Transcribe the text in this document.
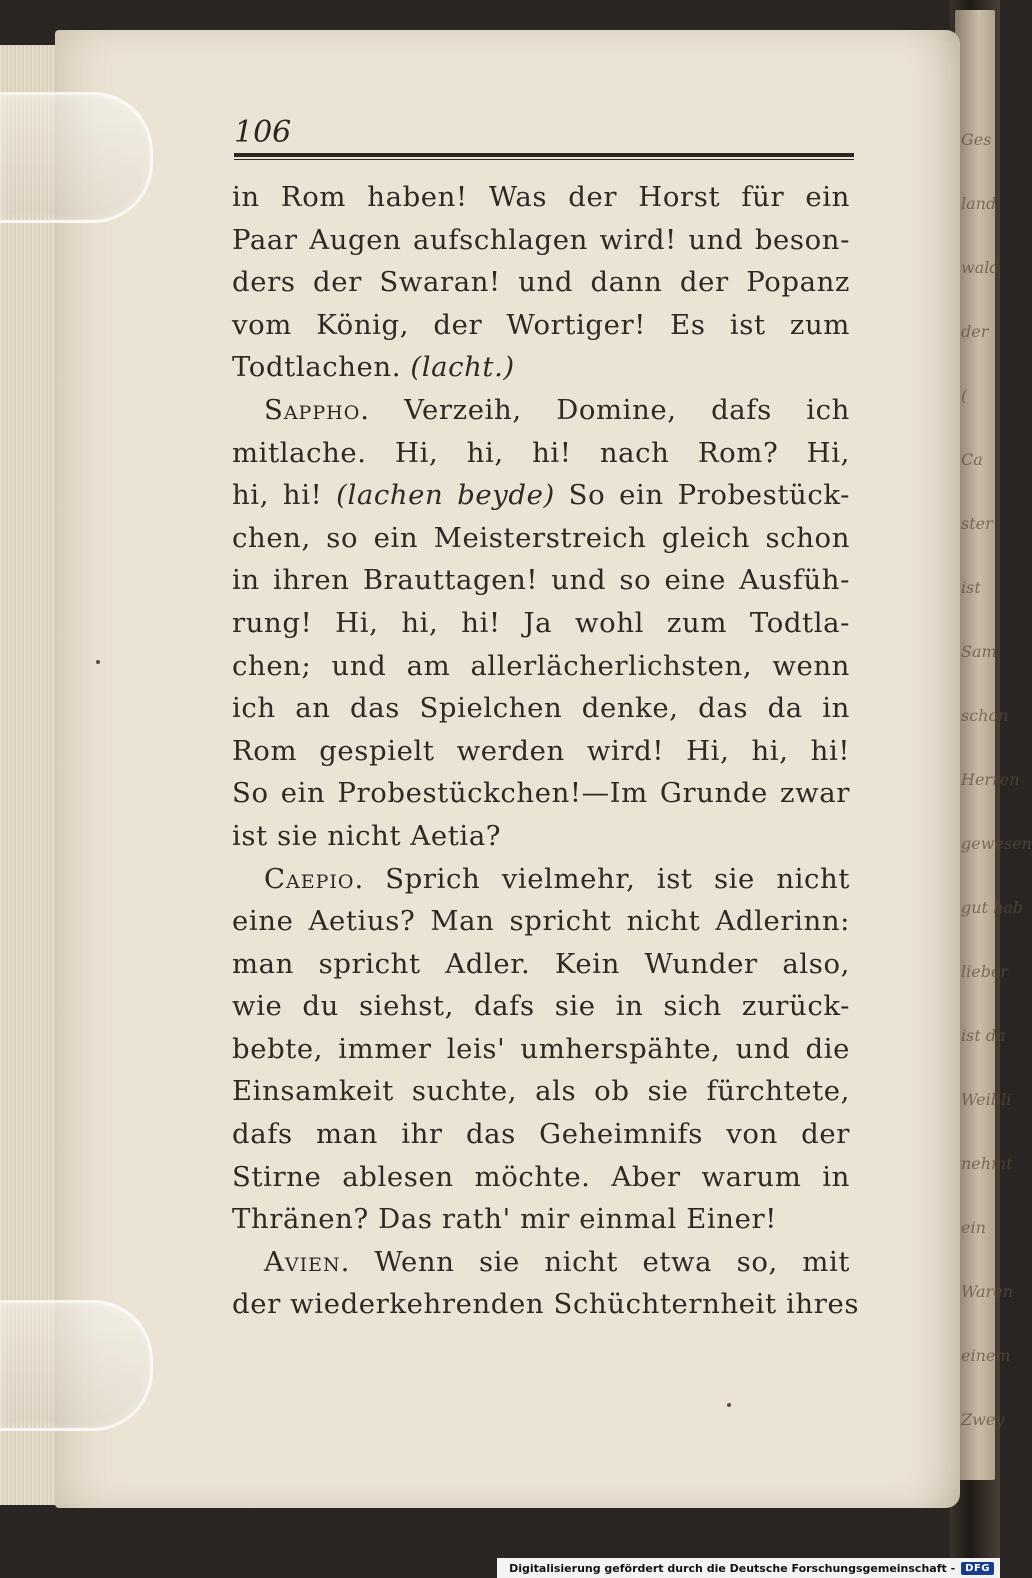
Ges
land
wald
der
(
Ca
ster
ist
Sam
schon
Herren
gewesen
gut hab
lieber
ist da
Weibli
nehmt
ein
Waren
einem
Zwey
106
in Rom haben! Was der Horst für ein
Paar Augen aufschlagen wird! und beson-
ders der Swaran! und dann der Popanz
vom König, der Wortiger! Es ist zum
Todtlachen. (lacht.)
Sappho. Verzeih, Domine, dafs ich
mitlache. Hi, hi, hi! nach Rom? Hi,
hi, hi! (lachen beyde) So ein Probestück-
chen, so ein Meisterstreich gleich schon
in ihren Brauttagen! und so eine Ausfüh-
rung! Hi, hi, hi! Ja wohl zum Todtla-
chen; und am allerlächerlichsten, wenn
ich an das Spielchen denke, das da in
Rom gespielt werden wird! Hi, hi, hi!
So ein Probestückchen!—Im Grunde zwar
ist sie nicht Aetia?
Caepio. Sprich vielmehr, ist sie nicht
eine Aetius? Man spricht nicht Adlerinn:
man spricht Adler. Kein Wunder also,
wie du siehst, dafs sie in sich zurück-
bebte, immer leis' umherspähte, und die
Einsamkeit suchte, als ob sie fürchtete,
dafs man ihr das Geheimnifs von der
Stirne ablesen möchte. Aber warum in
Thränen? Das rath' mir einmal Einer!
Avien. Wenn sie nicht etwa so, mit
der wiederkehrenden Schüchternheit ihres
Digitalisierung gefördert durch die Deutsche Forschungsgemeinschaft -	DFG
